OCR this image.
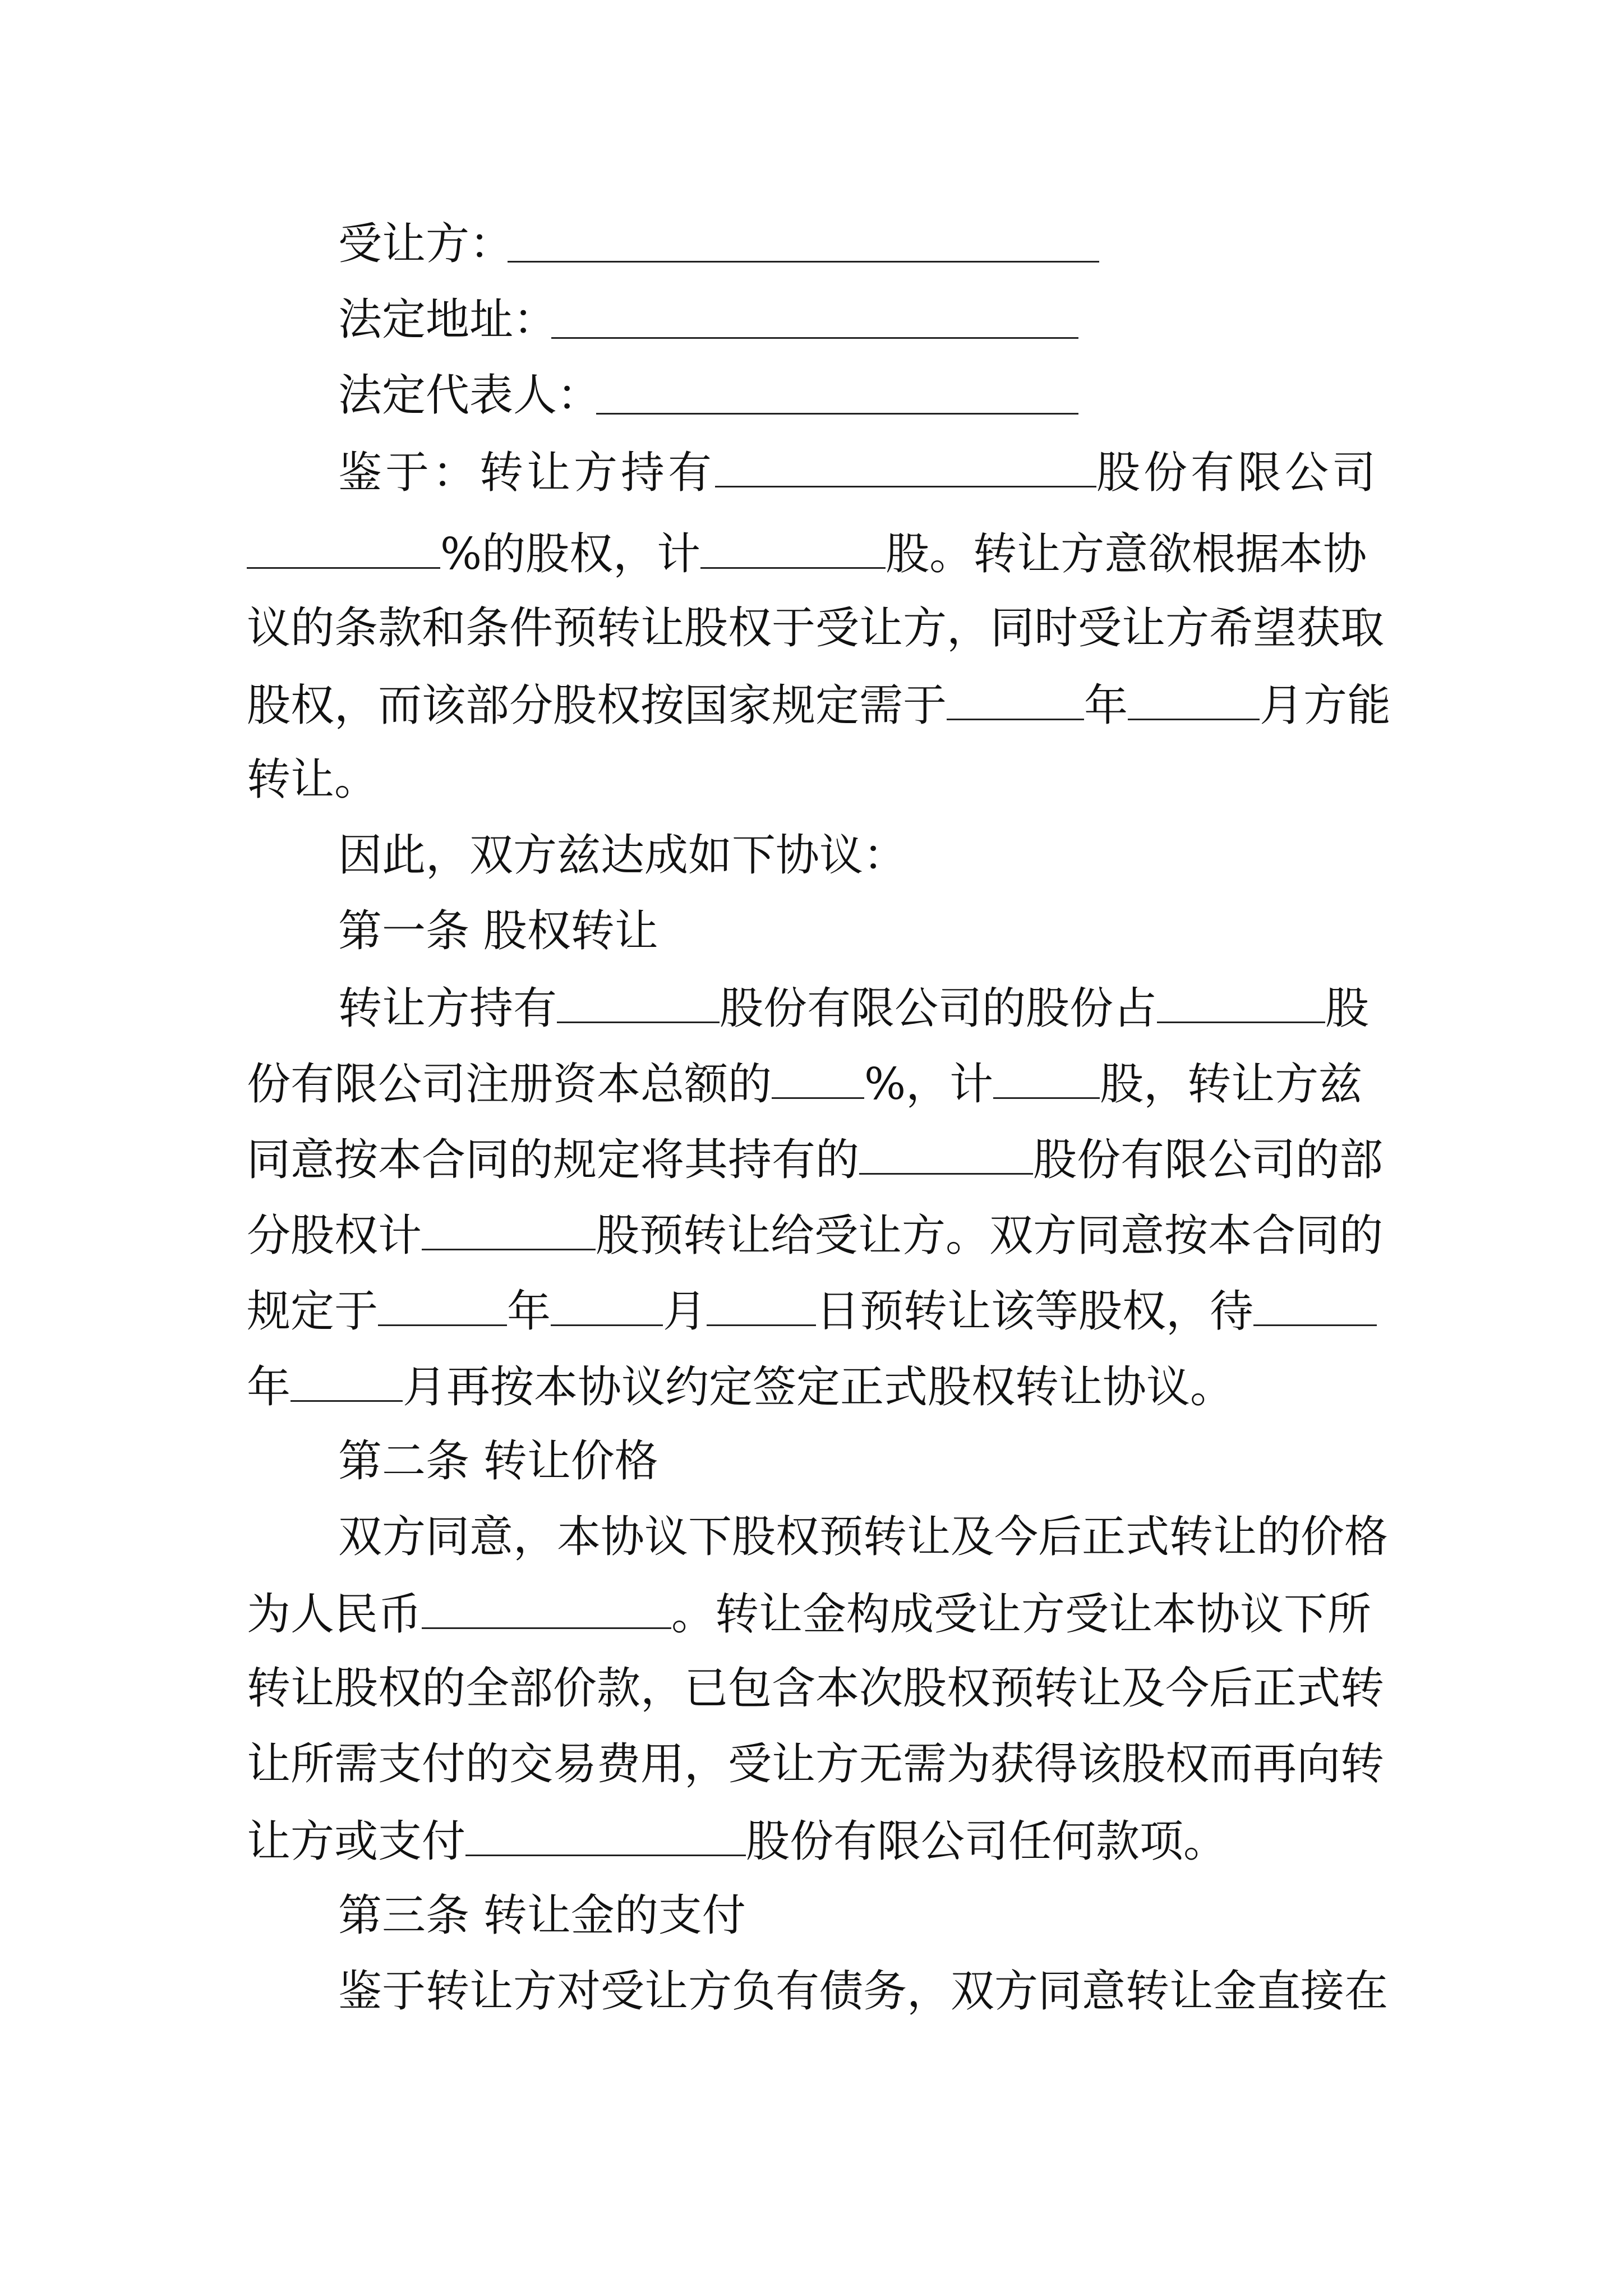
受让方：
法定地址：
法定代表人：
鉴于：转让方持有	股份有限公司
%的股权，计	股。转让方意欲根据本协
议的条款和条件预转让股权于受让方，同时受让方希望获取
股权，而该部分股权按国家规定需于	年	月方能
转让。
因此，双方兹达成如下协议：
第一条 股权转让
转让方持有	股份有限公司的股份占	股
份有限公司注册资本总额的 %，计 股，转让方兹
同意按本合同的规定将其持有的	股份有限公司的部
分股权计	股预转让给受让方。双方同意按本合同的
规定于	年	月	日预转让该等股权，待
年	月再按本协议约定签定正式股权转让协议。
第二条 转让价格
双方同意，本协议下股权预转让及今后正式转让的价格
为人民币	。转让金构成受让方受让本协议下所
转让股权的全部价款，已包含本次股权预转让及今后正式转
让所需支付的交易费用，受让方无需为获得该股权而再向转
让方或支付	股份有限公司任何款项。
第三条 转让金的支付
鉴于转让方对受让方负有债务，双方同意转让金直接在
